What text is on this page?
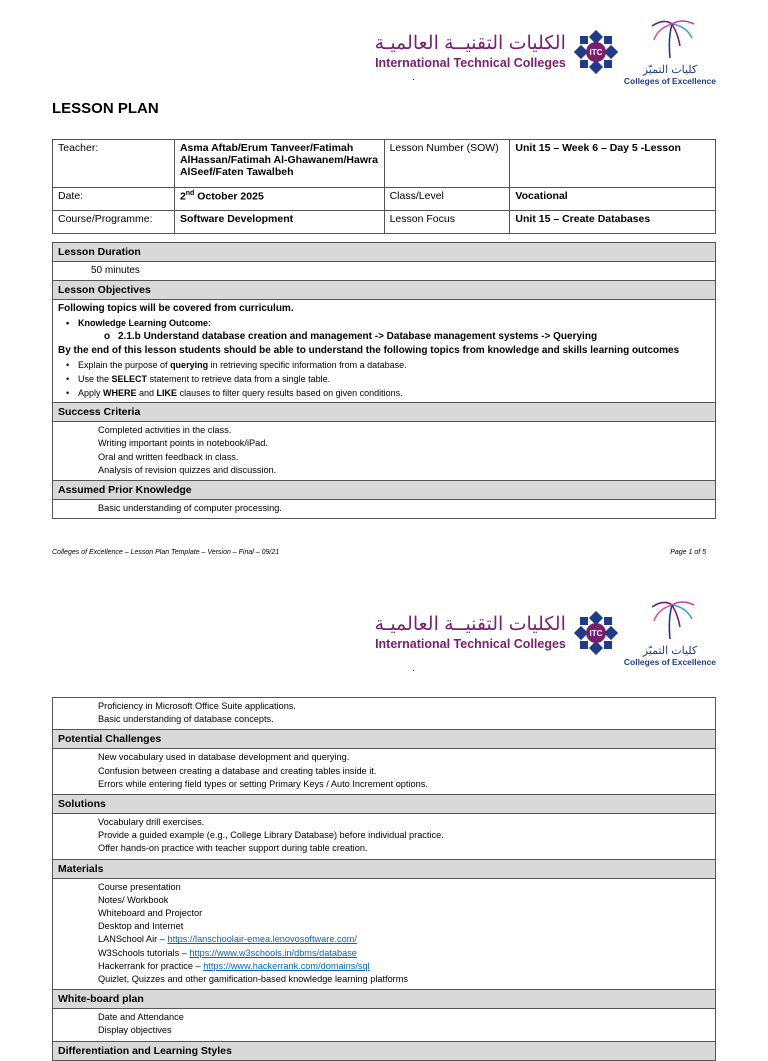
الكليات التقنيــة العالميـة
International Technical Colleges
ITC
كليات التميّز
Colleges of Excellence
.
LESSON PLAN
Teacher:	Asma Aftab/Erum Tanveer/Fatimah AlHassan/Fatimah Al-Ghawanem/Hawra AlSeef/Faten Tawalbeh	Lesson Number (SOW)	Unit 15 – Week 6 – Day 5 -Lesson
Date:	2nd October 2025	Class/Level	Vocational
Course/Programme:	Software Development	Lesson Focus	Unit 15 – Create Databases
Lesson Duration
50 minutes
Lesson Objectives

Following topics will be covered from curriculum.
• Knowledge Learning Outcome:
o 2.1.b Understand database creation and management -> Database management systems -> Querying
By the end of this lesson students should be able to understand the following topics from knowledge and skills learning outcomes
• Explain the purpose of querying in retrieving specific information from a database.
• Use the SELECT statement to retrieve data from a single table.
• Apply WHERE and LIKE clauses to filter query results based on given conditions.

Success Criteria

Completed activities in the class.
Writing important points in notebook/iPad.
Oral and written feedback in class.
Analysis of revision quizzes and discussion.

Assumed Prior Knowledge

Basic understanding of computer processing.
Colleges of Excellence – Lesson Plan Template – Version – Final – 09/21	Page 1 of 5
الكليات التقنيــة العالميـة
International Technical Colleges
ITC
كليات التميّز
Colleges of Excellence
.
Proficiency in Microsoft Office Suite applications.
Basic understanding of database concepts.

Potential Challenges

New vocabulary used in database development and querying.
Confusion between creating a database and creating tables inside it.
Errors while entering field types or setting Primary Keys / Auto Increment options.

Solutions

Vocabulary drill exercises.
Provide a guided example (e.g., College Library Database) before individual practice.
Offer hands-on practice with teacher support during table creation.

Materials

Course presentation
Notes/ Workbook
Whiteboard and Projector
Desktop and Internet
LANSchool Air – https://lanschoolair-emea.lenovosoftware.com/
W3Schools tutorials – https://www.w3schools.in/dbms/database
Hackerrank for practice – https://www.hackerrank.com/domains/sql
Quizlet, Quizzes and other gamification-based knowledge learning platforms

White-board plan

Date and Attendance
Display objectives

Differentiation and Learning Styles
